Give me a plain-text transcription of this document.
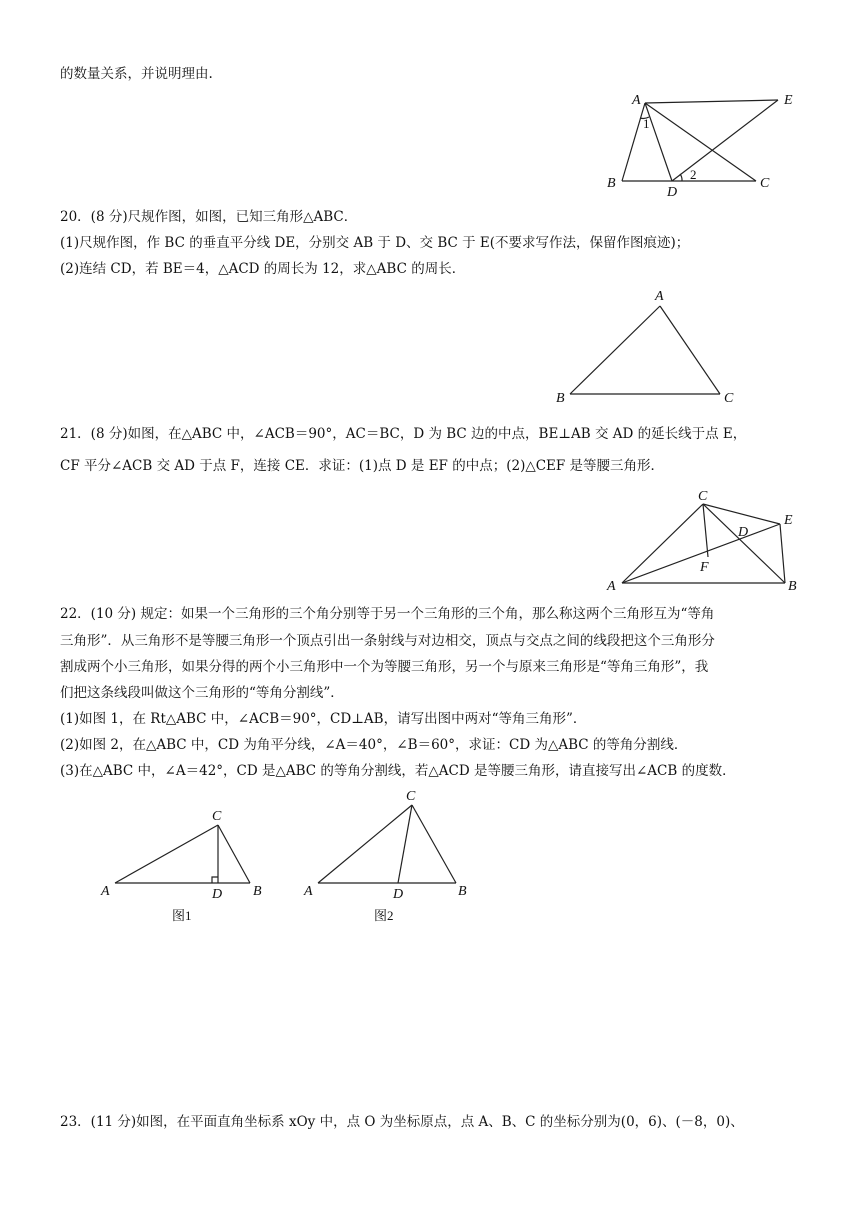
的数量关系，并说明理由.
A	E
B
D
C
1
2
20．(8 分)尺规作图，如图，已知三角形△ABC．
(1)尺规作图，作 BC 的垂直平分线 DE，分别交 AB 于 D、交 BC 于 E(不要求写作法，保留作图痕迹)；
(2)连结 CD，若 BE＝4，△ACD 的周长为 12，求△ABC 的周长．
A
B	C
21．(8 分)如图，在△ABC 中，∠ACB＝90°，AC＝BC，D 为 BC 边的中点，BE⊥AB 交 AD 的延长线于点 E，
CF 平分∠ACB 交 AD 于点 F，连接 CE．求证：(1)点 D 是 EF 的中点；(2)△CEF 是等腰三角形．
C
D
E
F
A	B
22．(10 分) 规定：如果一个三角形的三个角分别等于另一个三角形的三个角，那么称这两个三角形互为“等角
三角形”．从三角形不是等腰三角形一个顶点引出一条射线与对边相交，顶点与交点之间的线段把这个三角形分
割成两个小三角形，如果分得的两个小三角形中一个为等腰三角形，另一个与原来三角形是“等角三角形”，我
们把这条线段叫做这个三角形的“等角分割线”．
(1)如图 1，在 Rt△ABC 中，∠ACB＝90°，CD⊥AB，请写出图中两对“等角三角形”．
(2)如图 2，在△ABC 中，CD 为角平分线，∠A＝40°，∠B＝60°，求证：CD 为△ABC 的等角分割线．
(3)在△ABC 中，∠A＝42°，CD 是△ABC 的等角分割线，若△ACD 是等腰三角形，请直接写出∠ACB 的度数．
C
A	D B
图1
C
A	D	B
图2
23．(11 分)如图，在平面直角坐标系 xOy 中，点 O 为坐标原点，点 A、B、C 的坐标分别为(0，6)、(－8，0)、
